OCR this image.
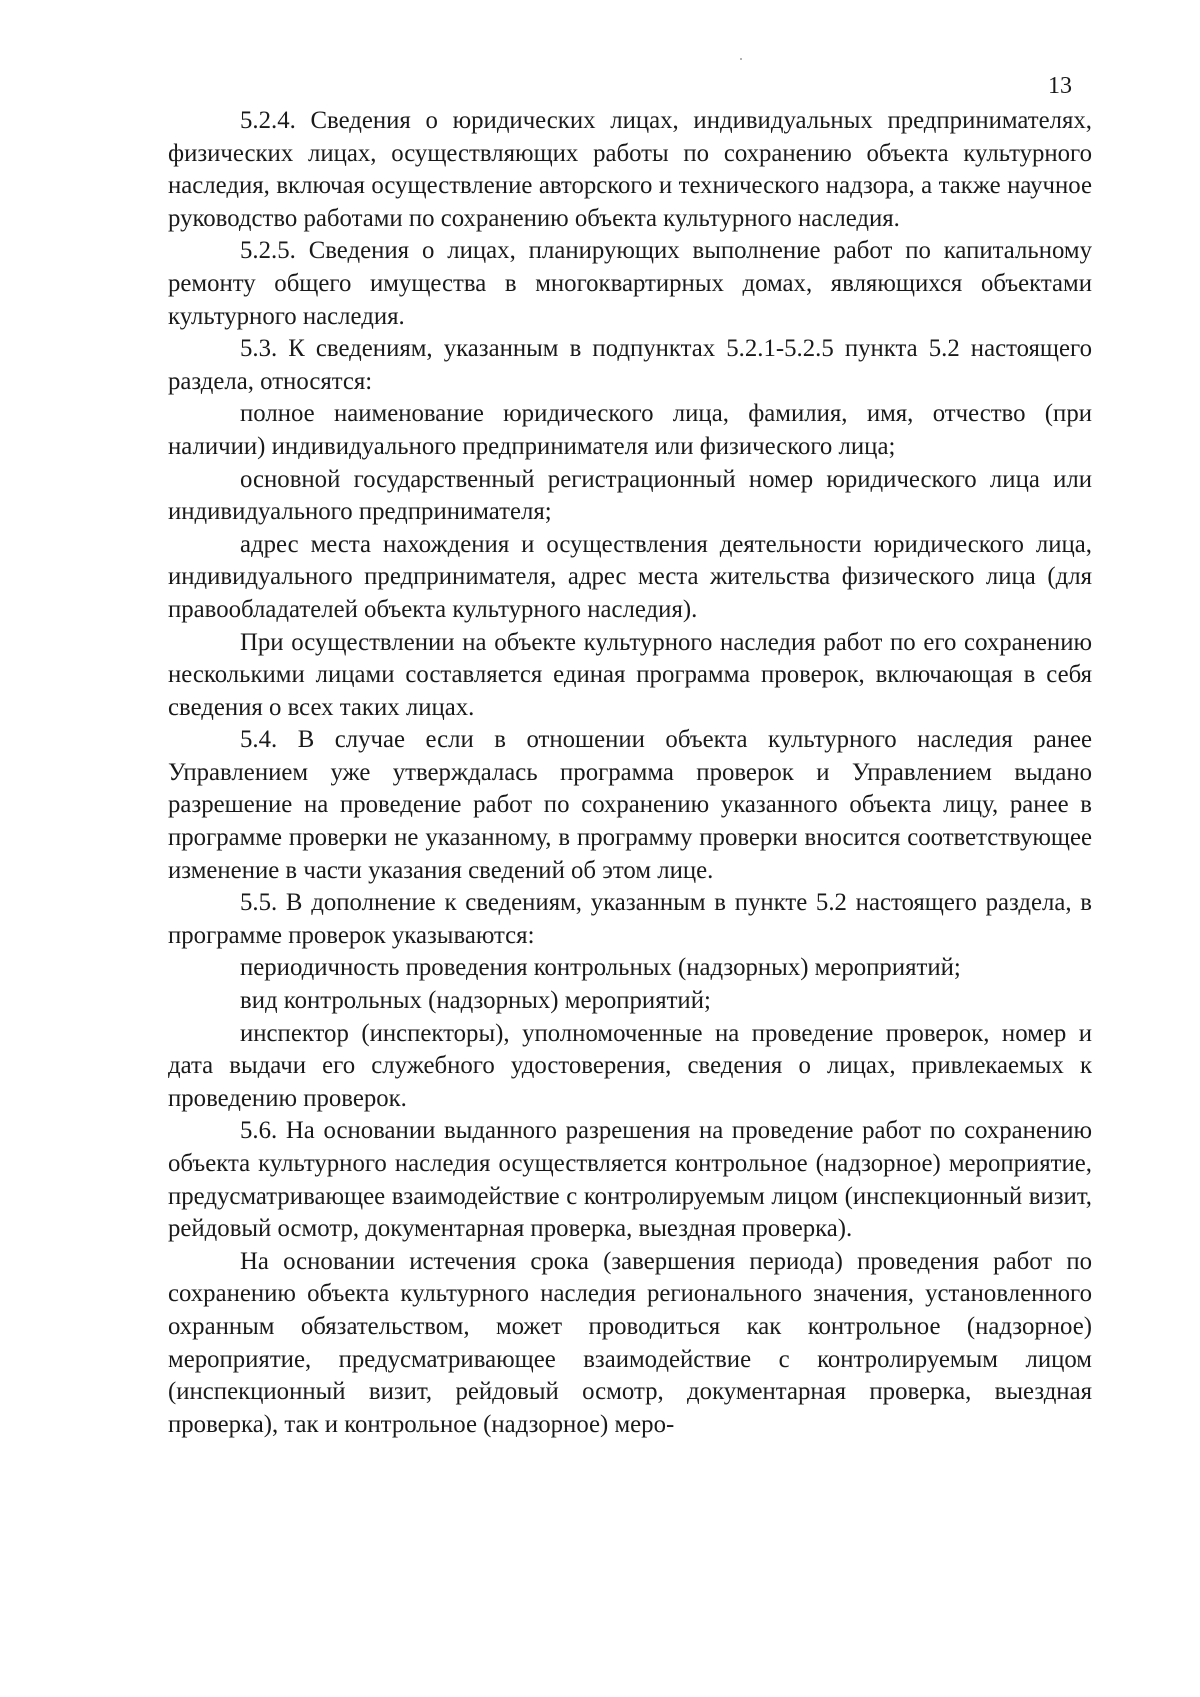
13

5.2.4. Сведения о юридических лицах, индивидуальных предпринимателях, физических лицах, осуществляющих работы по сохранению объекта культурного наследия, включая осуществление авторского и технического надзора, а также научное руководство работами по сохранению объекта культурного наследия.

5.2.5. Сведения о лицах, планирующих выполнение работ по капитальному ремонту общего имущества в многоквартирных домах, являющихся объектами культурного наследия.

5.3. К сведениям, указанным в подпунктах 5.2.1-5.2.5 пункта 5.2 настоящего раздела, относятся:

полное наименование юридического лица, фамилия, имя, отчество (при наличии) индивидуального предпринимателя или физического лица;

основной государственный регистрационный номер юридического лица или индивидуального предпринимателя;

адрес места нахождения и осуществления деятельности юридического лица, индивидуального предпринимателя, адрес места жительства физического лица (для правообладателей объекта культурного наследия).

При осуществлении на объекте культурного наследия работ по его сохранению несколькими лицами составляется единая программа проверок, включающая в себя сведения о всех таких лицах.

5.4. В случае если в отношении объекта культурного наследия ранее Управлением уже утверждалась программа проверок и Управлением выдано разрешение на проведение работ по сохранению указанного объекта лицу, ранее в программе проверки не указанному, в программу проверки вносится соответствующее изменение в части указания сведений об этом лице.

5.5. В дополнение к сведениям, указанным в пункте 5.2 настоящего раздела, в программе проверок указываются:

периодичность проведения контрольных (надзорных) мероприятий;

вид контрольных (надзорных) мероприятий;

инспектор (инспекторы), уполномоченные на проведение проверок, номер и дата выдачи его служебного удостоверения, сведения о лицах, привлекаемых к проведению проверок.

5.6. На основании выданного разрешения на проведение работ по сохранению объекта культурного наследия осуществляется контрольное (надзорное) мероприятие, предусматривающее взаимодействие с контролируемым лицом (инспекционный визит, рейдовый осмотр, документарная проверка, выездная проверка).

На основании истечения срока (завершения периода) проведения работ по сохранению объекта культурного наследия регионального значения, установленного охранным обязательством, может проводиться как контрольное (надзорное) мероприятие, предусматривающее взаимодействие с контролируемым лицом (инспекционный визит, рейдовый осмотр, документарная проверка, выездная проверка), так и контрольное (надзорное) меро-
